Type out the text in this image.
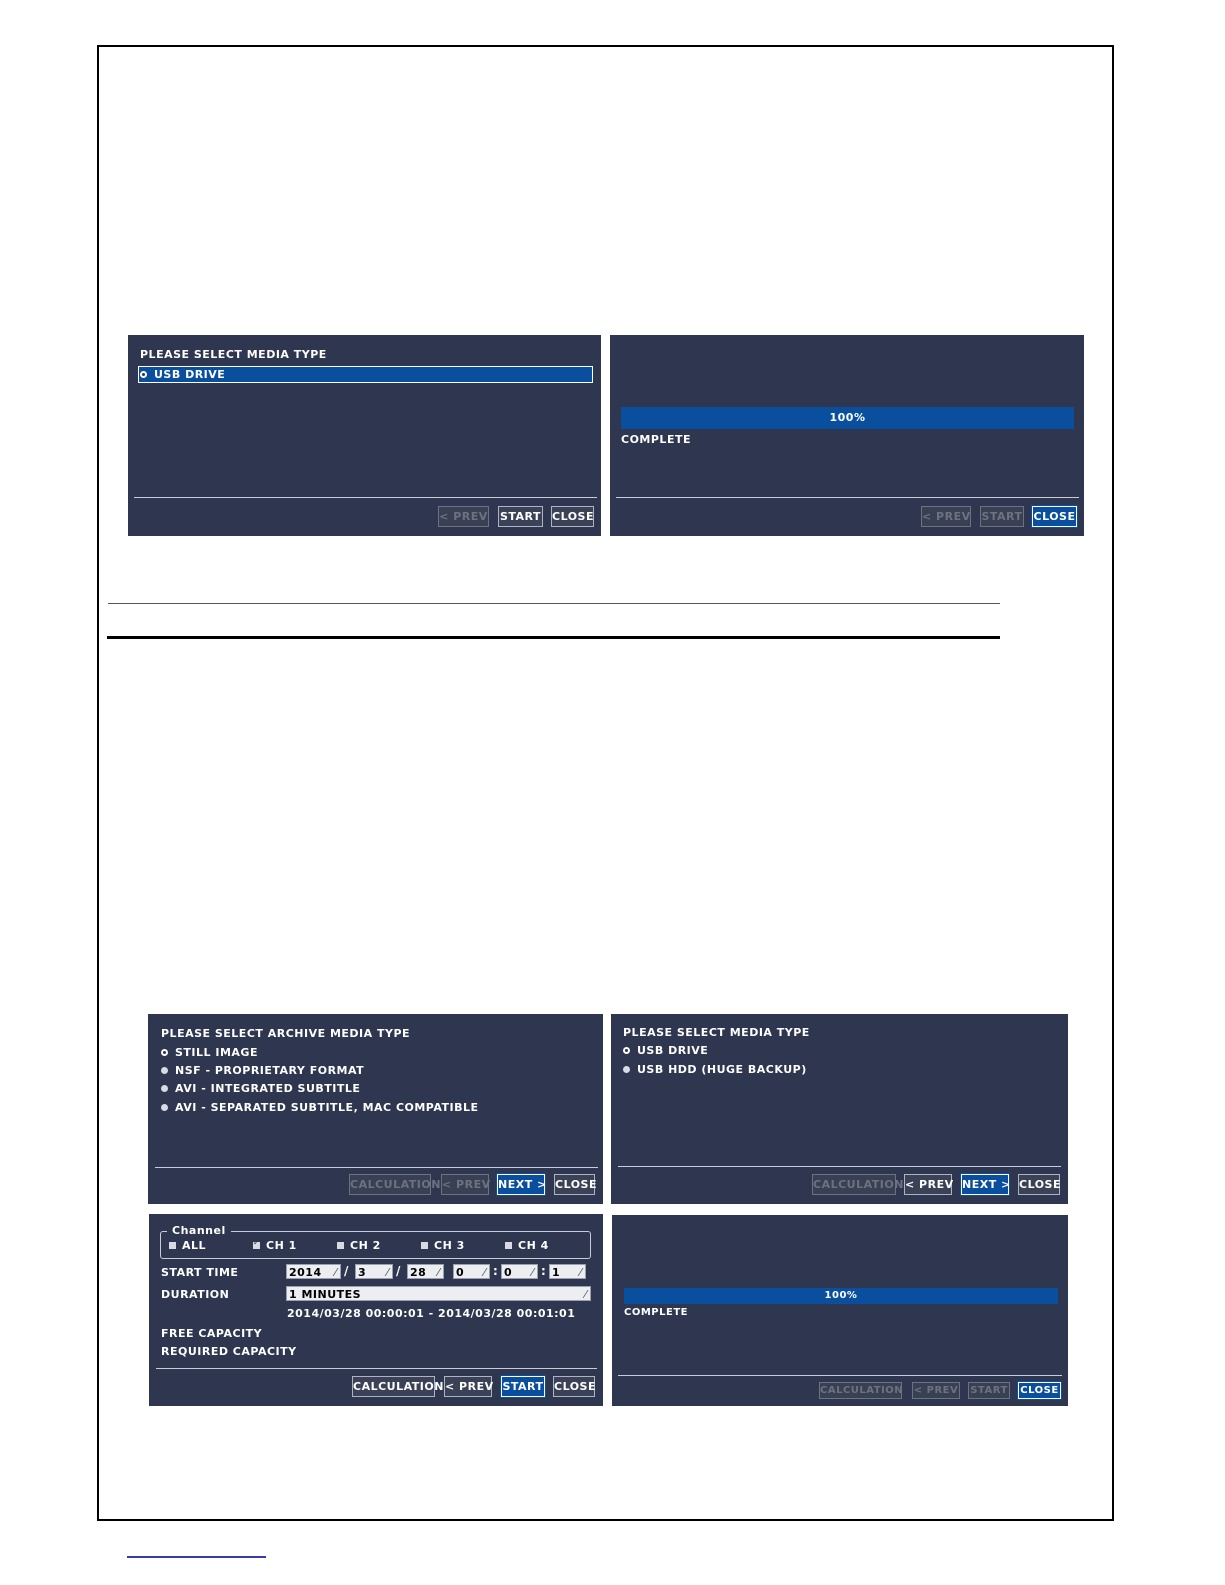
PLEASE SELECT MEDIA TYPE
USB DRIVE
< PREV START CLOSE
100%
COMPLETE
< PREV START CLOSE
PLEASE SELECT ARCHIVE MEDIA TYPE
STILL IMAGE
NSF - PROPRIETARY FORMAT
AVI - INTEGRATED SUBTITLE
AVI - SEPARATED SUBTITLE, MAC COMPATIBLE
CALCULATION < PREV NEXT > CLOSE
PLEASE SELECT MEDIA TYPE
USB DRIVE
USB HDD (HUGE BACKUP)
CALCULATION < PREV NEXT > CLOSE
Channel
ALL
✓	CH 1	CH 2	CH 3	CH 4
START TIME	2014 ⁄ / 3 ⁄ / 28 ⁄ 0 ⁄ : 0 ⁄ : 1 ⁄
DURATION	1 MINUTES	⁄
2014/03/28 00:00:01 - 2014/03/28 00:01:01
FREE CAPACITY
REQUIRED CAPACITY
CALCULATION < PREV START CLOSE
100%
COMPLETE
CALCULATION < PREV START CLOSE
